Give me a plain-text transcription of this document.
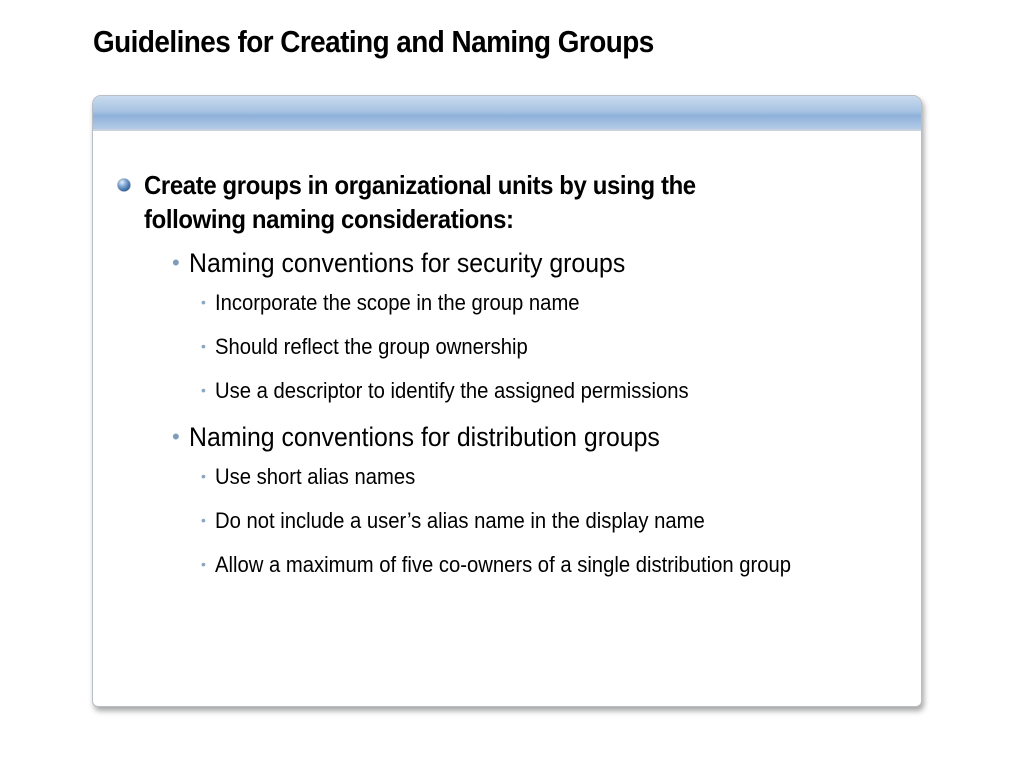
Guidelines for Creating and Naming Groups
Create groups in organizational units by using the
following naming considerations:
• Naming conventions for security groups
• Incorporate the scope in the group name
• Should reflect the group ownership
• Use a descriptor to identify the assigned permissions
• Naming conventions for distribution groups
• Use short alias names
• Do not include a user’s alias name in the display name
• Allow a maximum of five co-owners of a single distribution group
